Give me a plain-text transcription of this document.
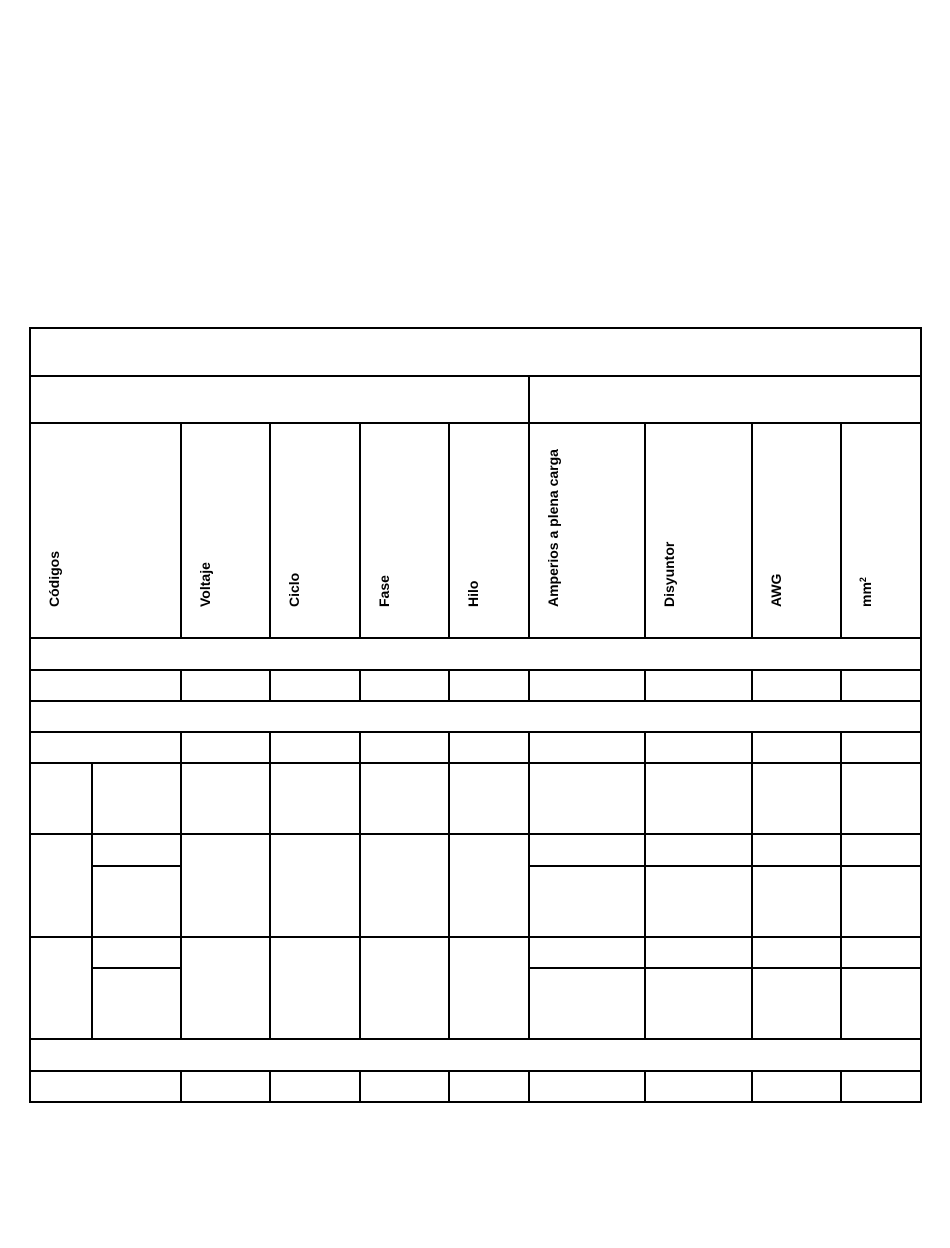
Códigos	Voltaje	Ciclo	Fase	Hilo	Amperios a plena carga	Disyuntor	AWG	$mm^2$
